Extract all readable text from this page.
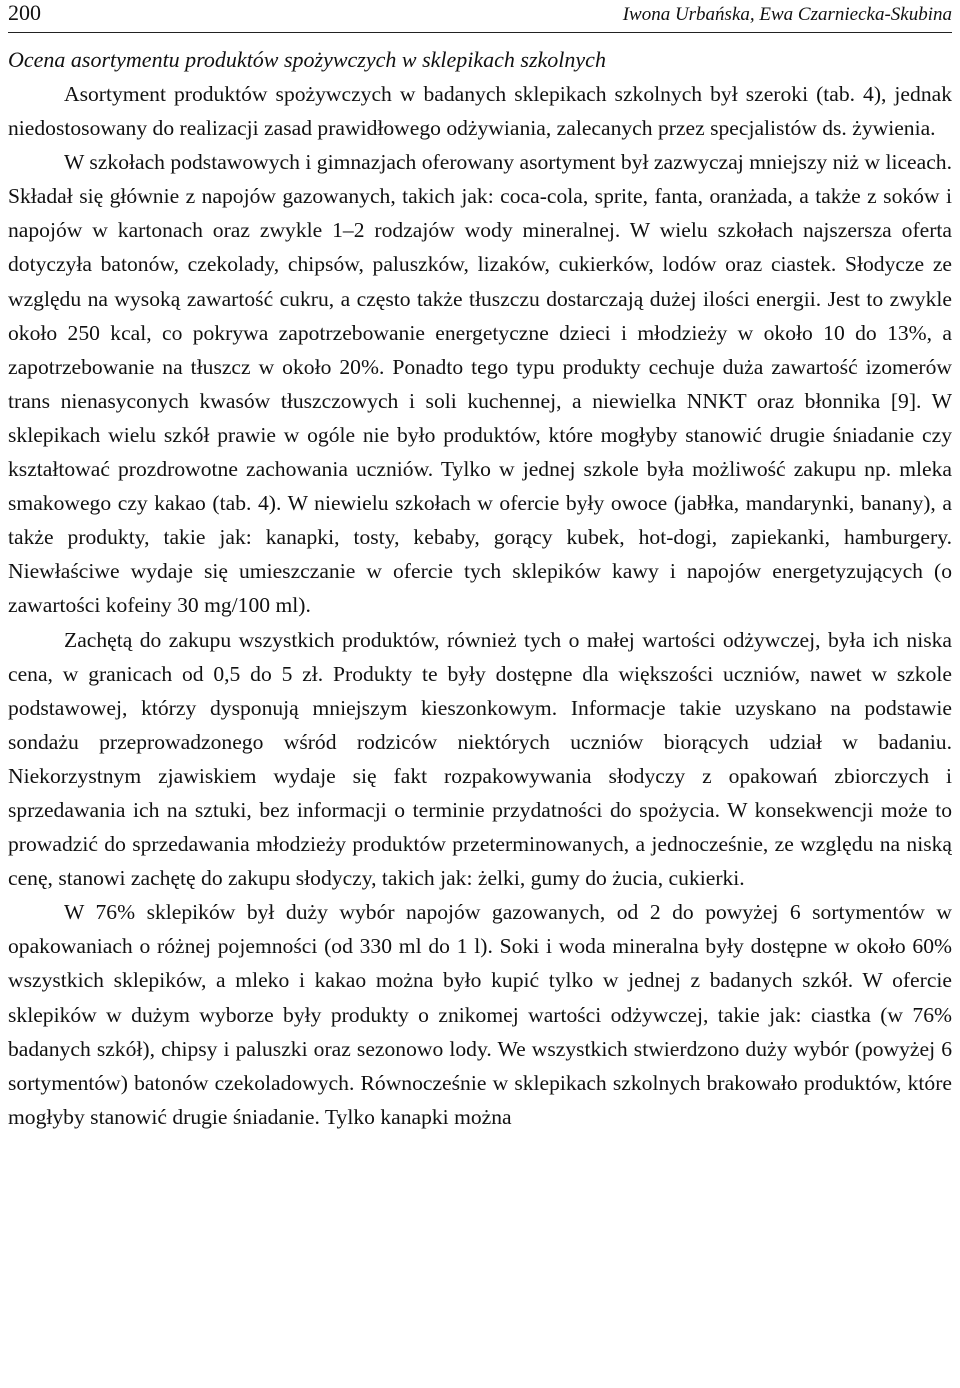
200	Iwona Urbańska, Ewa Czarniecka-Skubina
Ocena asortymentu produktów spożywczych w sklepikach szkolnych

Asortyment produktów spożywczych w badanych sklepikach szkolnych był szeroki (tab. 4), jednak niedostosowany do realizacji zasad prawidłowego odżywiania, zalecanych przez specjalistów ds. żywienia.

W szkołach podstawowych i gimnazjach oferowany asortyment był zazwyczaj mniejszy niż w liceach. Składał się głównie z napojów gazowanych, takich jak: coca-cola, sprite, fanta, oranżada, a także z soków i napojów w kartonach oraz zwykle 1–2 rodzajów wody mineralnej. W wielu szkołach najszersza oferta dotyczyła batonów, czekolady, chipsów, paluszków, lizaków, cukierków, lodów oraz ciastek. Słodycze ze względu na wysoką zawartość cukru, a często także tłuszczu dostarczają dużej ilości energii. Jest to zwykle około 250 kcal, co pokrywa zapotrzebowanie energetyczne dzieci i młodzieży w około 10 do 13%, a zapotrzebowanie na tłuszcz w około 20%. Ponadto tego typu produkty cechuje duża zawartość izomerów trans nienasyconych kwasów tłuszczowych i soli kuchennej, a niewielka NNKT oraz błonnika [9]. W sklepikach wielu szkół prawie w ogóle nie było produktów, które mogłyby stanowić drugie śniadanie czy kształtować prozdrowotne zachowania uczniów. Tylko w jednej szkole była możliwość zakupu np. mleka smakowego czy kakao (tab. 4). W niewielu szkołach w ofercie były owoce (jabłka, mandarynki, banany), a także produkty, takie jak: kanapki, tosty, kebaby, gorący kubek, hot-dogi, zapiekanki, hamburgery. Niewłaściwe wydaje się umieszczanie w ofercie tych sklepików kawy i napojów energetyzujących (o zawartości kofeiny 30 mg/100 ml).

Zachętą do zakupu wszystkich produktów, również tych o małej wartości odżywczej, była ich niska cena, w granicach od 0,5 do 5 zł. Produkty te były dostępne dla większości uczniów, nawet w szkole podstawowej, którzy dysponują mniejszym kieszonkowym. Informacje takie uzyskano na podstawie sondażu przeprowadzonego wśród rodziców niektórych uczniów biorących udział w badaniu. Niekorzystnym zjawiskiem wydaje się fakt rozpakowywania słodyczy z opakowań zbiorczych i sprzedawania ich na sztuki, bez informacji o terminie przydatności do spożycia. W konsekwencji może to prowadzić do sprzedawania młodzieży produktów przeterminowanych, a jednocześnie, ze względu na niską cenę, stanowi zachętę do zakupu słodyczy, takich jak: żelki, gumy do żucia, cukierki.

W 76% sklepików był duży wybór napojów gazowanych, od 2 do powyżej 6 sortymentów w opakowaniach o różnej pojemności (od 330 ml do 1 l). Soki i woda mineralna były dostępne w około 60% wszystkich sklepików, a mleko i kakao można było kupić tylko w jednej z badanych szkół. W ofercie sklepików w dużym wyborze były produkty o znikomej wartości odżywczej, takie jak: ciastka (w 76% badanych szkół), chipsy i paluszki oraz sezonowo lody. We wszystkich stwierdzono duży wybór (powyżej 6 sortymentów) batonów czekoladowych. Równocześnie w sklepikach szkolnych brakowało produktów, które mogłyby stanowić drugie śniadanie. Tylko kanapki można
